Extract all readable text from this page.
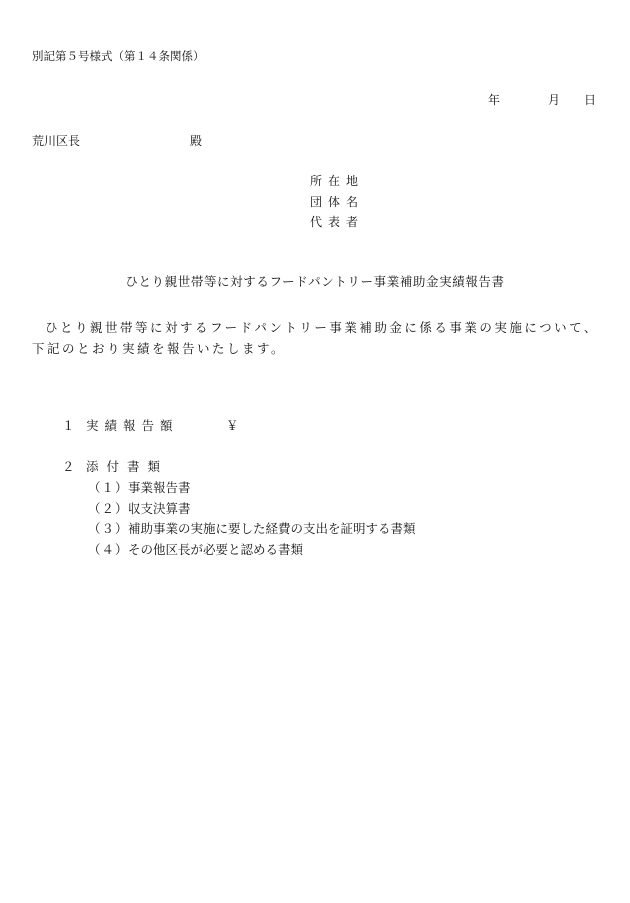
別記第５号様式（第１４条関係）
年	月 日
荒川区長	殿
所在地
団体名
代表者
ひとり親世帯等に対するフードパントリー事業補助金実績報告書
ひとり親世帯等に対するフードパントリー事業補助金に係る事業の実施について、下記のとおり実績を報告いたします。
１ 実績報告額	￥
２ 添付書類
（１）事業報告書
（２）収支決算書
（３）補助事業の実施に要した経費の支出を証明する書類
（４）その他区長が必要と認める書類
